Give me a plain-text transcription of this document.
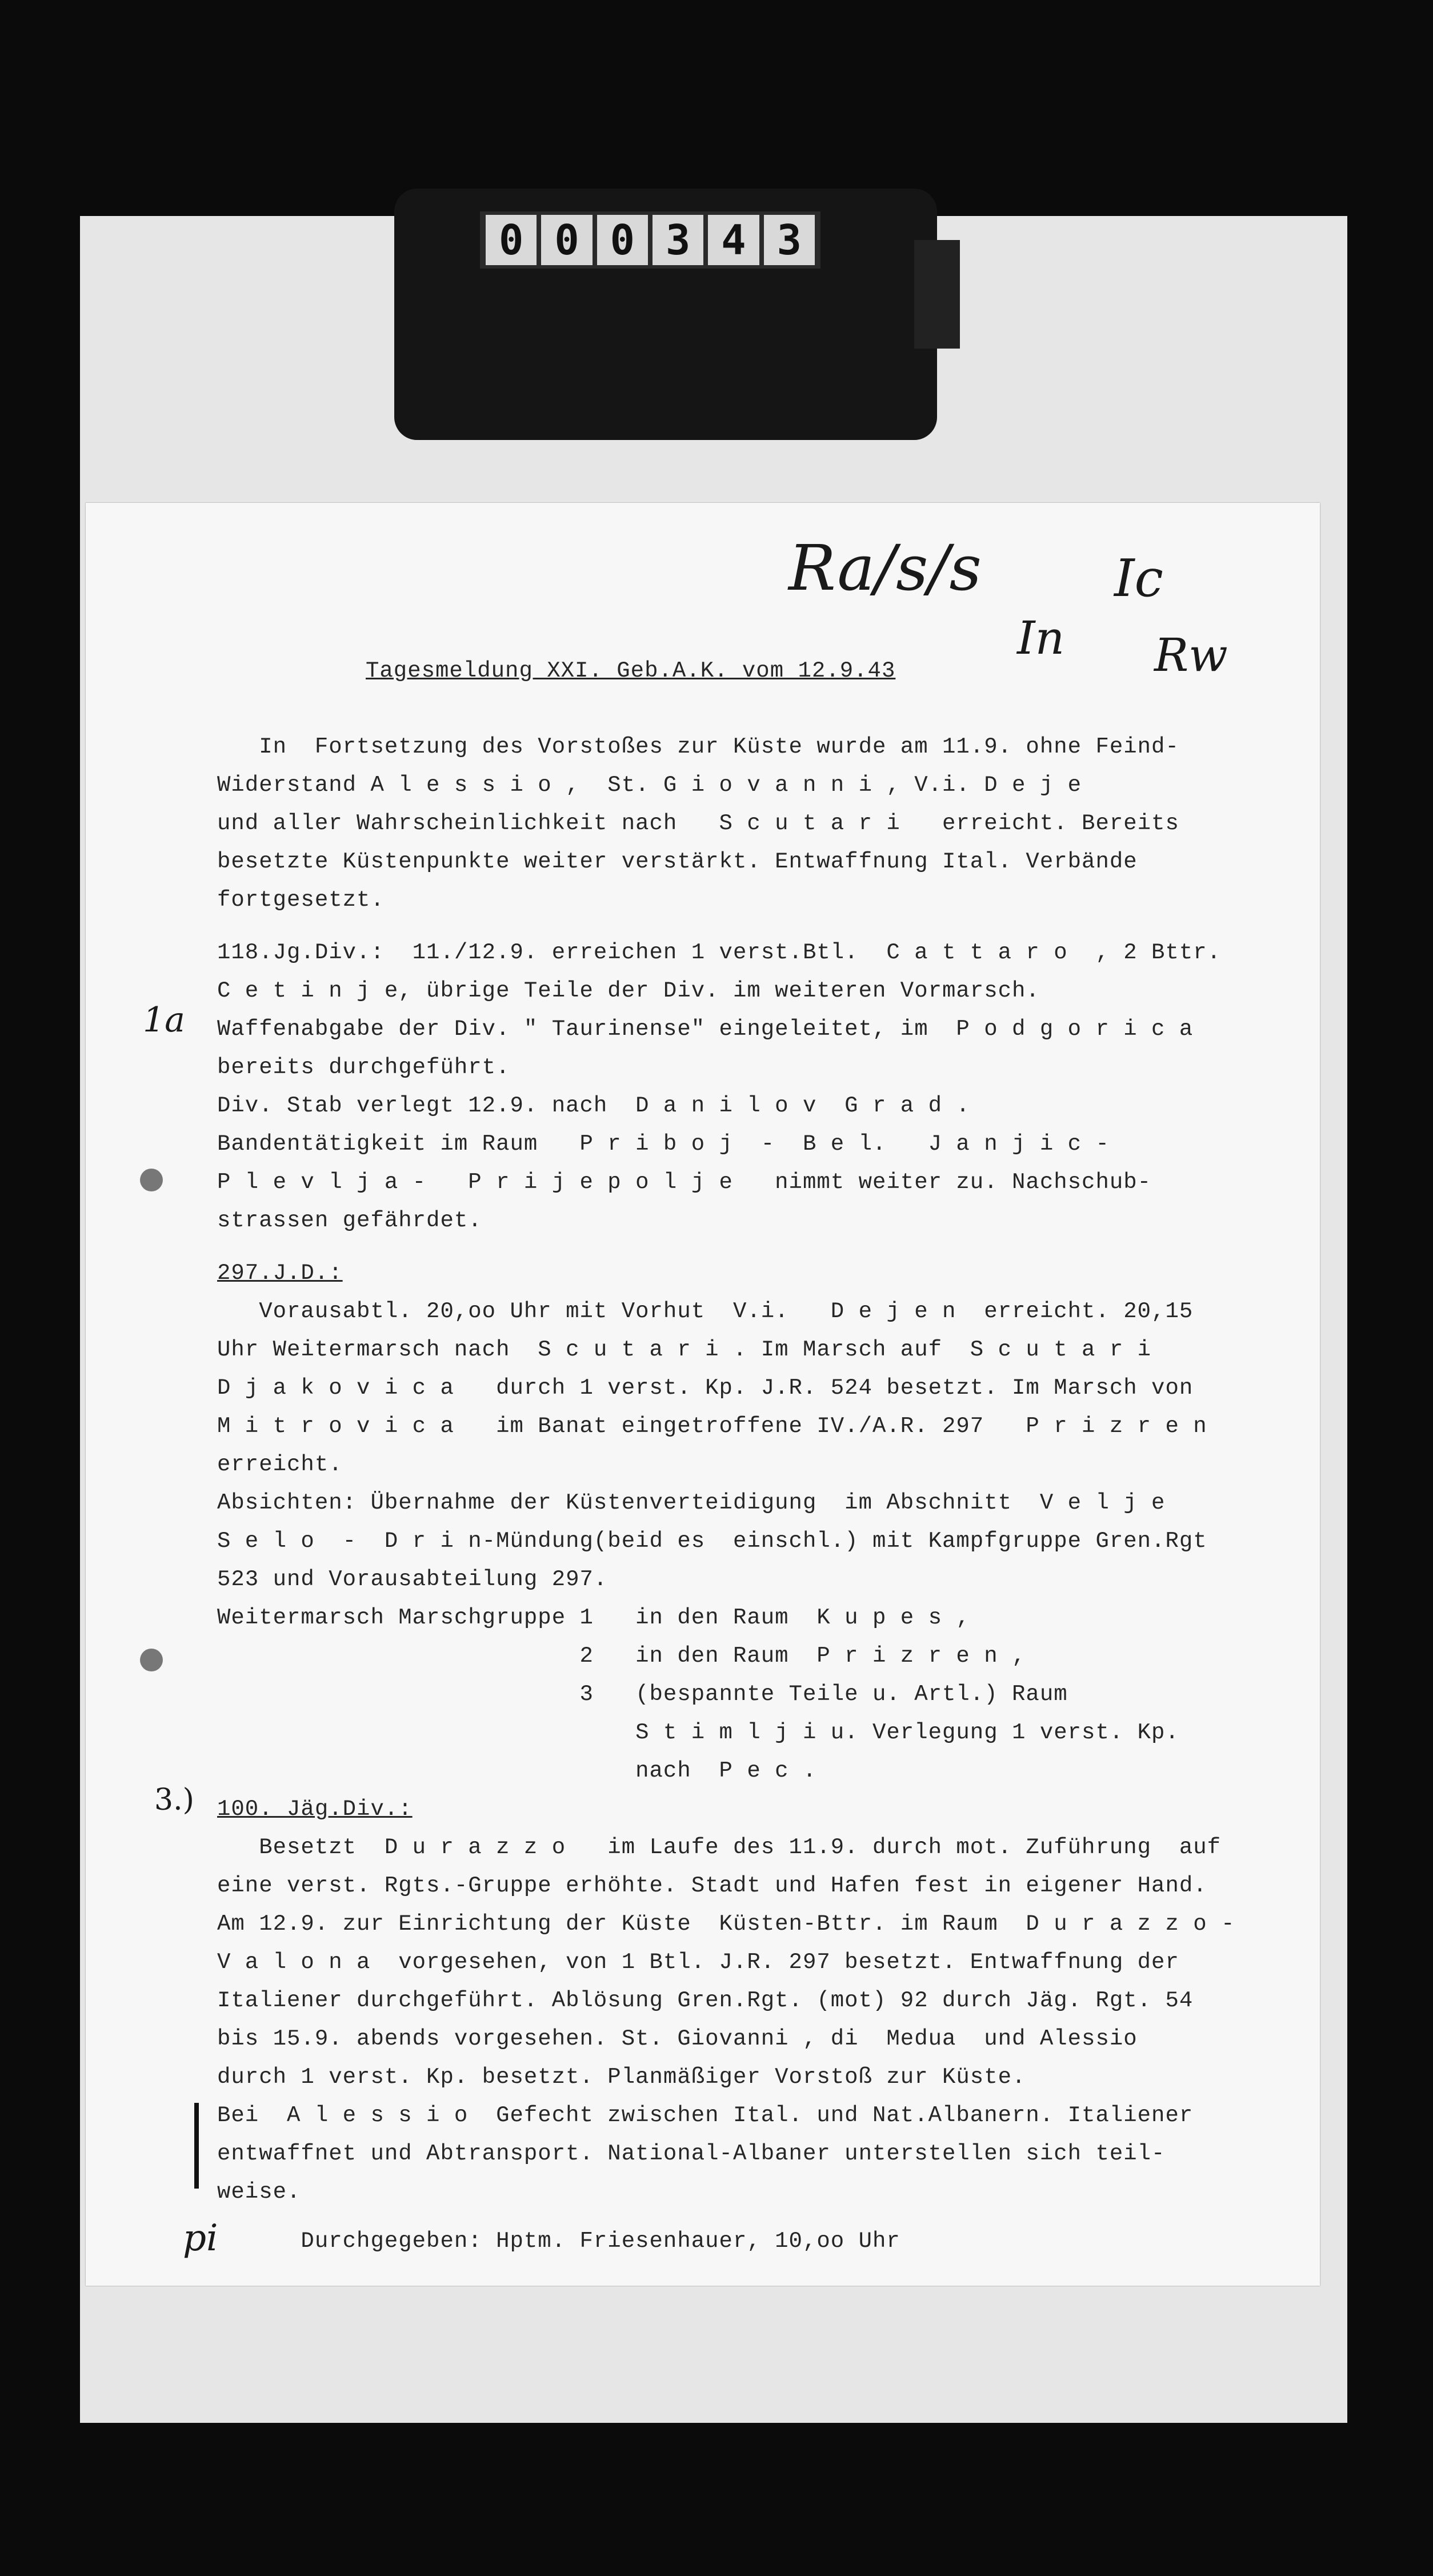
0 0 0 3 4 3
Ra/s/s	Ic
In Rw
1a
3.)
pi
Tagesmeldung XXI. Geb.A.K. vom 12.9.43
In  Fortsetzung des Vorstoßes zur Küste wurde am 11.9. ohne Feind-
Widerstand A l e s s i o ,  St. G i o v a n n i , V.i. D e j e
und aller Wahrscheinlichkeit nach   S c u t a r i   erreicht. Bereits
besetzte Küstenpunkte weiter verstärkt. Entwaffnung Ital. Verbände
fortgesetzt.
118.Jg.Div.:  11./12.9. erreichen 1 verst.Btl.  C a t t a r o  , 2 Bttr.
C e t i n j e, übrige Teile der Div. im weiteren Vormarsch.
Waffenabgabe der Div. " Taurinense" eingeleitet, im  P o d g o r i c a
bereits durchgeführt.
Div. Stab verlegt 12.9. nach  D a n i l o v  G r a d .
Bandentätigkeit im Raum   P r i b o j  -  B e l.   J a n j i c -
P l e v l j a -   P r i j e p o l j e   nimmt weiter zu. Nachschub-
strassen gefährdet.
297.J.D.:
Vorausabtl. 20,oo Uhr mit Vorhut  V.i.   D e j e n  erreicht. 20,15
Uhr Weitermarsch nach  S c u t a r i . Im Marsch auf  S c u t a r i
D j a k o v i c a   durch 1 verst. Kp. J.R. 524 besetzt. Im Marsch von
M i t r o v i c a   im Banat eingetroffene IV./A.R. 297   P r i z r e n
erreicht.
Absichten: Übernahme der Küstenverteidigung  im Abschnitt  V e l j e
S e l o  -  D r i n-Mündung(beid es  einschl.) mit Kampfgruppe Gren.Rgt
523 und Vorausabteilung 297.
Weitermarsch Marschgruppe 1   in den Raum  K u p e s ,
2   in den Raum  P r i z r e n ,
3   (bespannte Teile u. Artl.) Raum
S t i m l j i u. Verlegung 1 verst. Kp.
nach  P e c .
100. Jäg.Div.:
Besetzt  D u r a z z o   im Laufe des 11.9. durch mot. Zuführung  auf
eine verst. Rgts.-Gruppe erhöhte. Stadt und Hafen fest in eigener Hand.
Am 12.9. zur Einrichtung der Küste  Küsten-Bttr. im Raum  D u r a z z o -
V a l o n a  vorgesehen, von 1 Btl. J.R. 297 besetzt. Entwaffnung der
Italiener durchgeführt. Ablösung Gren.Rgt. (mot) 92 durch Jäg. Rgt. 54
bis 15.9. abends vorgesehen. St. Giovanni , di  Medua  und Alessio
durch 1 verst. Kp. besetzt. Planmäßiger Vorstoß zur Küste.
Bei  A l e s s i o  Gefecht zwischen Ital. und Nat.Albanern. Italiener
entwaffnet und Abtransport. National-Albaner unterstellen sich teil-
weise.
Durchgegeben: Hptm. Friesenhauer, 10,oo Uhr
